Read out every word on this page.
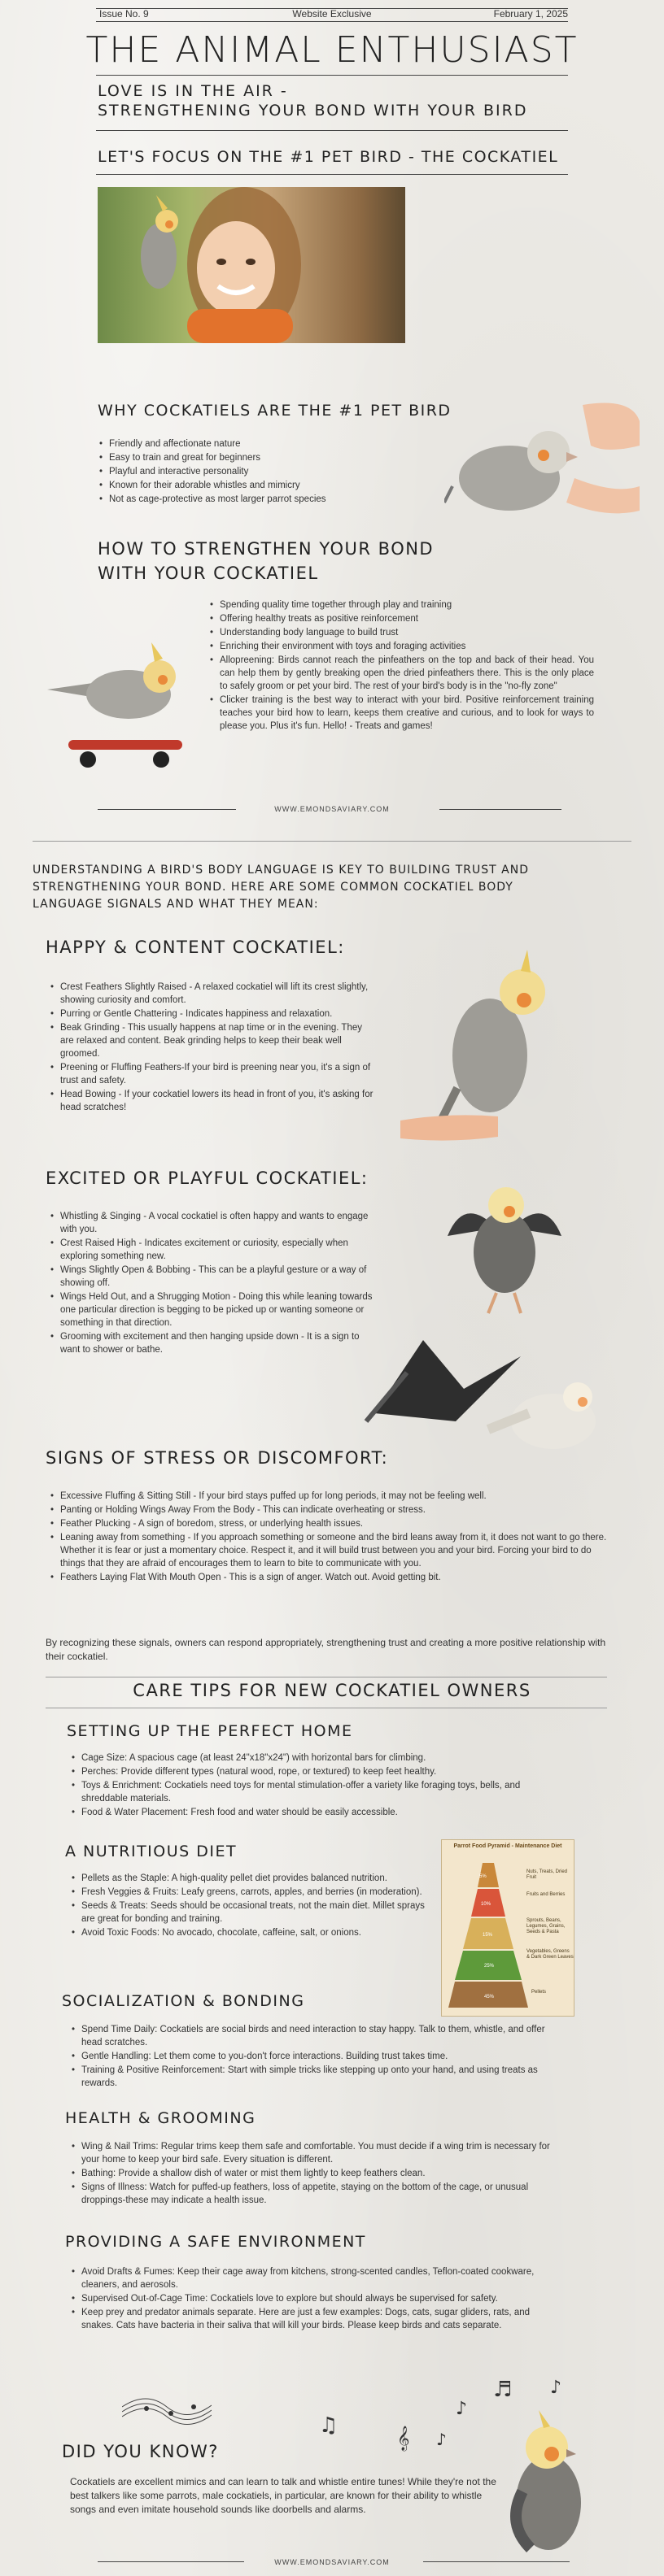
Issue No. 9	Website Exclusive	February 1, 2025
THE ANIMAL ENTHUSIAST
LOVE IS IN THE AIR -
STRENGTHENING YOUR BOND WITH YOUR BIRD
LET'S FOCUS ON THE #1 PET BIRD - THE COCKATIEL
WHY COCKATIELS ARE THE #1 PET BIRD
• Friendly and affectionate nature
• Easy to train and great for beginners
• Playful and interactive personality
• Known for their adorable whistles and mimicry
• Not as cage-protective as most larger parrot species
HOW TO STRENGTHEN YOUR BOND
WITH YOUR COCKATIEL
• Spending quality time together through play and training
• Offering healthy treats as positive reinforcement
• Understanding body language to build trust
• Enriching their environment with toys and foraging activities
• Allopreening: Birds cannot reach the pinfeathers on the top and back of their head. You can help them by gently breaking open the dried pinfeathers there. This is the only place to safely groom or pet your bird. The rest of your bird's body is in the "no-fly zone"
• Clicker training is the best way to interact with your bird. Positive reinforcement training teaches your bird how to learn, keeps them creative and curious, and to look for ways to please you. Plus it's fun. Hello! - Treats and games!
WWW.EMONDSAVIARY.COM
UNDERSTANDING A BIRD'S BODY LANGUAGE IS KEY TO BUILDING TRUST AND STRENGTHENING YOUR BOND. HERE ARE SOME COMMON COCKATIEL BODY LANGUAGE SIGNALS AND WHAT THEY MEAN:
HAPPY & CONTENT COCKATIEL:
• Crest Feathers Slightly Raised - A relaxed cockatiel will lift its crest slightly, showing curiosity and comfort.
• Purring or Gentle Chattering - Indicates happiness and relaxation.
• Beak Grinding - This usually happens at nap time or in the evening. They are relaxed and content. Beak grinding helps to keep their beak well groomed.
• Preening or Fluffing Feathers-If your bird is preening near you, it's a sign of trust and safety.
• Head Bowing - If your cockatiel lowers its head in front of you, it's asking for head scratches!
EXCITED OR PLAYFUL COCKATIEL:
• Whistling & Singing - A vocal cockatiel is often happy and wants to engage with you.
• Crest Raised High - Indicates excitement or curiosity, especially when exploring something new.
• Wings Slightly Open & Bobbing - This can be a playful gesture or a way of showing off.
• Wings Held Out, and a Shrugging Motion - Doing this while leaning towards one particular direction is begging to be picked up or wanting someone or something in that direction.
• Grooming with excitement and then hanging upside down - It is a sign to want to shower or bathe.
SIGNS OF STRESS OR DISCOMFORT:
• Excessive Fluffing & Sitting Still - If your bird stays puffed up for long periods, it may not be feeling well.
• Panting or Holding Wings Away From the Body - This can indicate overheating or stress.
• Feather Plucking - A sign of boredom, stress, or underlying health issues.
• Leaning away from something - If you approach something or someone and the bird leans away from it, it does not want to go there. Whether it is fear or just a momentary choice. Respect it, and it will build trust between you and your bird. Forcing your bird to do things that they are afraid of encourages them to learn to bite to communicate with you.
• Feathers Laying Flat With Mouth Open - This is a sign of anger. Watch out. Avoid getting bit.
By recognizing these signals, owners can respond appropriately, strengthening trust and creating a more positive relationship with their cockatiel.
CARE TIPS FOR NEW COCKATIEL OWNERS
SETTING UP THE PERFECT HOME
• Cage Size: A spacious cage (at least 24"x18"x24") with horizontal bars for climbing.
• Perches: Provide different types (natural wood, rope, or textured) to keep feet healthy.
• Toys & Enrichment: Cockatiels need toys for mental stimulation-offer a variety like foraging toys, bells, and shreddable materials.
• Food & Water Placement: Fresh food and water should be easily accessible.
A NUTRITIOUS DIET
• Pellets as the Staple: A high-quality pellet diet provides balanced nutrition.
• Fresh Veggies & Fruits: Leafy greens, carrots, apples, and berries (in moderation).
• Seeds & Treats: Seeds should be occasional treats, not the main diet. Millet sprays are great for bonding and training.
• Avoid Toxic Foods: No avocado, chocolate, caffeine, salt, or onions.
Parrot Food Pyramid - Maintenance Diet
Nuts, Treats, Dried Fruit
Fruits and Berries
Sprouts, Beans, Legumes, Grains, Seeds & Pasta
Vegetables, Greens & Dark Green Leaves
Pellets
5%
10%
15%
25%
45%
SOCIALIZATION & BONDING
• Spend Time Daily: Cockatiels are social birds and need interaction to stay happy. Talk to them, whistle, and offer head scratches.
• Gentle Handling: Let them come to you-don't force interactions. Building trust takes time.
• Training & Positive Reinforcement: Start with simple tricks like stepping up onto your hand, and using treats as rewards.
HEALTH & GROOMING
• Wing & Nail Trims: Regular trims keep them safe and comfortable. You must decide if a wing trim is necessary for your home to keep your bird safe. Every situation is different.
• Bathing: Provide a shallow dish of water or mist them lightly to keep feathers clean.
• Signs of Illness: Watch for puffed-up feathers, loss of appetite, staying on the bottom of the cage, or unusual droppings-these may indicate a health issue.
PROVIDING A SAFE ENVIRONMENT
• Avoid Drafts & Fumes: Keep their cage away from kitchens, strong-scented candles, Teflon-coated cookware, cleaners, and aerosols.
• Supervised Out-of-Cage Time: Cockatiels love to explore but should always be supervised for safety.
• Keep prey and predator animals separate. Here are just a few examples: Dogs, cats, sugar gliders, rats, and snakes. Cats have bacteria in their saliva that will kill your birds. Please keep birds and cats separate.
♫
𝄞 ♪
♪
♬ ♪
DID YOU KNOW?
Cockatiels are excellent mimics and can learn to talk and whistle entire tunes! While they're not the best talkers like some parrots, male cockatiels, in particular, are known for their ability to whistle songs and even imitate household sounds like doorbells and alarms.
WWW.EMONDSAVIARY.COM
